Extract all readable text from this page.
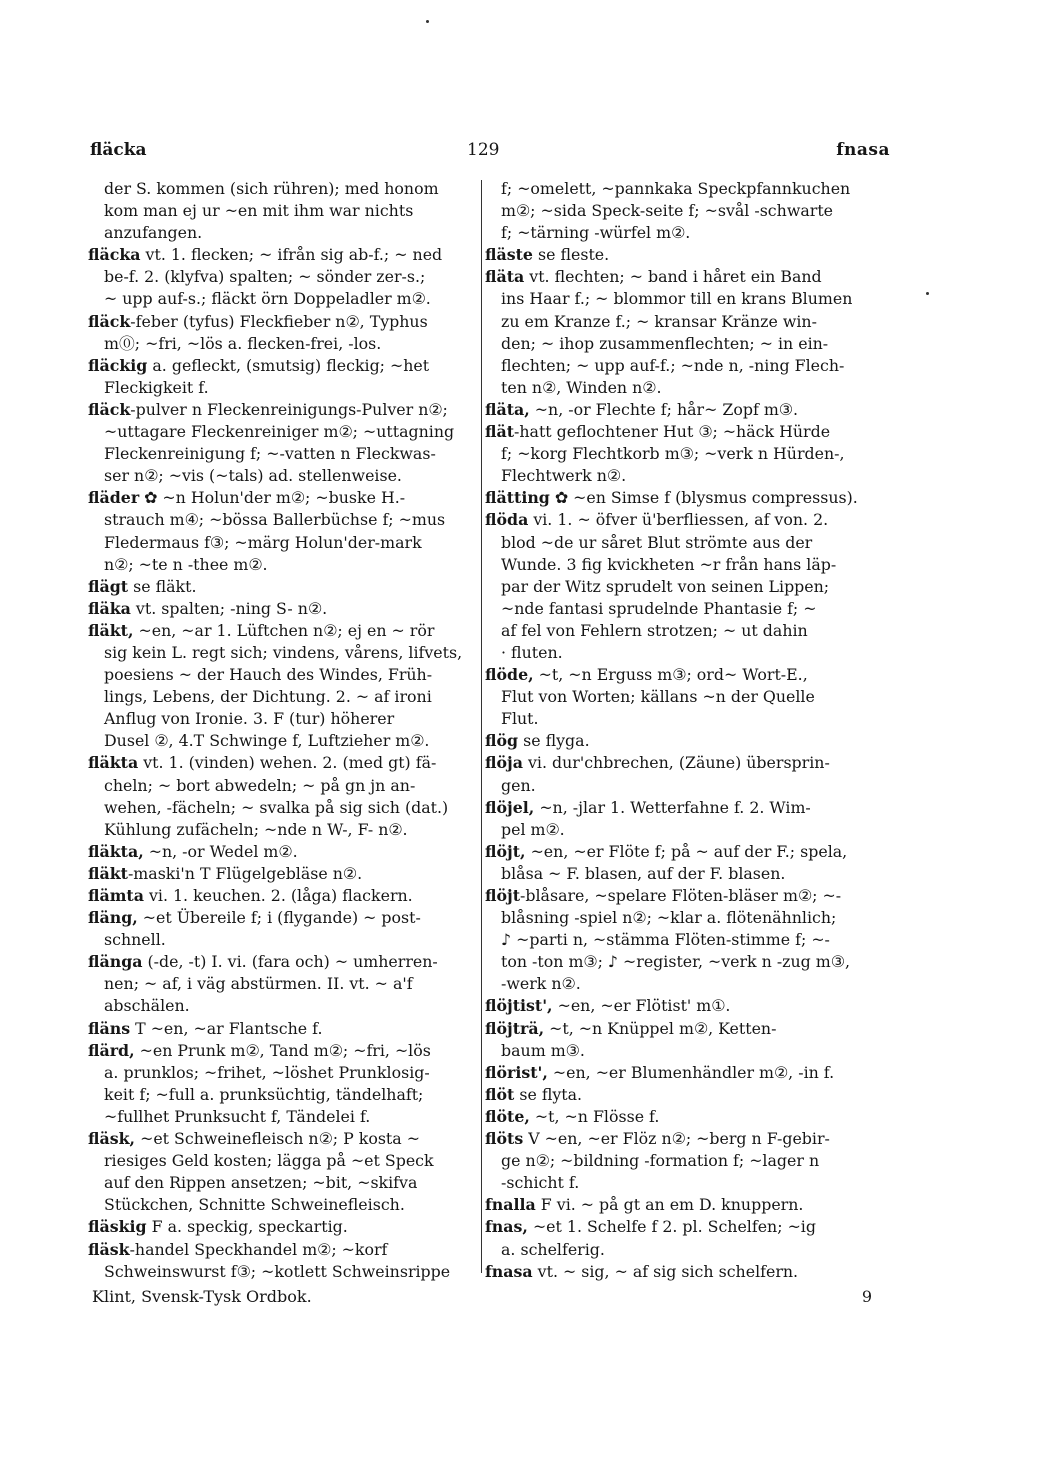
fläcka	129	fnasa
der S. kommen (sich rühren); med honom
kom man ej ur ~en mit ihm war nichts
anzufangen.
fläcka vt. 1. flecken; ~ ifrån sig ab-f.; ~ ned
be-f. 2. (klyfva) spalten; ~ sönder zer-s.;
~ upp auf-s.; fläckt örn Doppeladler m②.
fläck-feber (tyfus) Fleckfieber n②, Typhus
m⓪; ~fri, ~lös a. flecken-frei, -los.
fläckig a. gefleckt, (smutsig) fleckig; ~het
Fleckigkeit f.
fläck-pulver n Fleckenreinigungs-Pulver n②;
~uttagare Fleckenreiniger m②; ~uttagning
Fleckenreinigung f; ~-vatten n Fleckwas-
ser n②; ~vis (~tals) ad. stellenweise.
fläder ✿ ~n Holun'der m②; ~buske H.-
strauch m④; ~bössa Ballerbüchse f; ~mus
Fledermaus f③; ~märg Holun'der-mark
n②; ~te n -thee m②.
flägt se fläkt.
fläka vt. spalten; -ning S- n②.
fläkt, ~en, ~ar 1. Lüftchen n②; ej en ~ rör
sig kein L. regt sich; vindens, vårens, lifvets,
poesiens ~ der Hauch des Windes, Früh-
lings, Lebens, der Dichtung. 2. ~ af ironi
Anflug von Ironie. 3. F (tur) höherer
Dusel ②, 4.T Schwinge f, Luftzieher m②.
fläkta vt. 1. (vinden) wehen. 2. (med gt) fä-
cheln; ~ bort abwedeln; ~ på gn jn an-
wehen, -fächeln; ~ svalka på sig sich (dat.)
Kühlung zufächeln; ~nde n W-, F- n②.
fläkta, ~n, -or Wedel m②.
fläkt-maski'n T Flügelgebläse n②.
flämta vi. 1. keuchen. 2. (låga) flackern.
fläng, ~et Übereile f; i (flygande) ~ post-
schnell.
flänga (-de, -t) I. vi. (fara och) ~ umherren-
nen; ~ af, i väg abstürmen. II. vt. ~ a'f
abschälen.
fläns T ~en, ~ar Flantsche f.
flärd, ~en Prunk m②, Tand m②; ~fri, ~lös
a. prunklos; ~frihet, ~löshet Prunklosig-
keit f; ~full a. prunksüchtig, tändelhaft;
~fullhet Prunksucht f, Tändelei f.
fläsk, ~et Schweinefleisch n②; P kosta ~
riesiges Geld kosten; lägga på ~et Speck
auf den Rippen ansetzen; ~bit, ~skifva
Stückchen, Schnitte Schweinefleisch.
fläskig F a. speckig, speckartig.
fläsk-handel Speckhandel m②; ~korf
Schweinswurst f③; ~kotlett Schweinsrippe
f; ~omelett, ~pannkaka Speckpfannkuchen
m②; ~sida Speck-seite f; ~svål -schwarte
f; ~tärning -würfel m②.
fläste se fleste.
fläta vt. flechten; ~ band i håret ein Band
ins Haar f.; ~ blommor till en krans Blumen
zu em Kranze f.; ~ kransar Kränze win-
den; ~ ihop zusammenflechten; ~ in ein-
flechten; ~ upp auf-f.; ~nde n, -ning Flech-
ten n②, Winden n②.
fläta, ~n, -or Flechte f; hår~ Zopf m③.
flät-hatt geflochtener Hut ③; ~häck Hürde
f; ~korg Flechtkorb m③; ~verk n Hürden-,
Flechtwerk n②.
flätting ✿ ~en Simse f (blysmus compressus).
flöda vi. 1. ~ öfver ü'berfliessen, af von. 2.
blod ~de ur såret Blut strömte aus der
Wunde. 3 fig kvickheten ~r från hans läp-
par der Witz sprudelt von seinen Lippen;
~nde fantasi sprudelnde Phantasie f; ~
af fel von Fehlern strotzen; ~ ut dahin
· fluten.
flöde, ~t, ~n Erguss m③; ord~ Wort-E.,
Flut von Worten; källans ~n der Quelle
Flut.
flög se flyga.
flöja vi. dur'chbrechen, (Zäune) übersprin-
gen.
flöjel, ~n, -jlar 1. Wetterfahne f. 2. Wim-
pel m②.
flöjt, ~en, ~er Flöte f; på ~ auf der F.; spela,
blåsa ~ F. blasen, auf der F. blasen.
flöjt-blåsare, ~spelare Flöten-bläser m②; ~-
blåsning -spiel n②; ~klar a. flötenähnlich;
♪ ~parti n, ~stämma Flöten-stimme f; ~-
ton -ton m③; ♪ ~register, ~verk n -zug m③,
-werk n②.
flöjtist', ~en, ~er Flötist' m①.
flöjträ, ~t, ~n Knüppel m②, Ketten-
baum m③.
flörist', ~en, ~er Blumenhändler m②, -in f.
flöt se flyta.
flöte, ~t, ~n Flösse f.
flöts V ~en, ~er Flöz n②; ~berg n F-gebir-
ge n②; ~bildning -formation f; ~lager n
-schicht f.
fnalla F vi. ~ på gt an em D. knuppern.
fnas, ~et 1. Schelfe f 2. pl. Schelfen; ~ig
a. schelferig.
fnasa vt. ~ sig, ~ af sig sich schelfern.
Klint, Svensk-Tysk Ordbok.	9
